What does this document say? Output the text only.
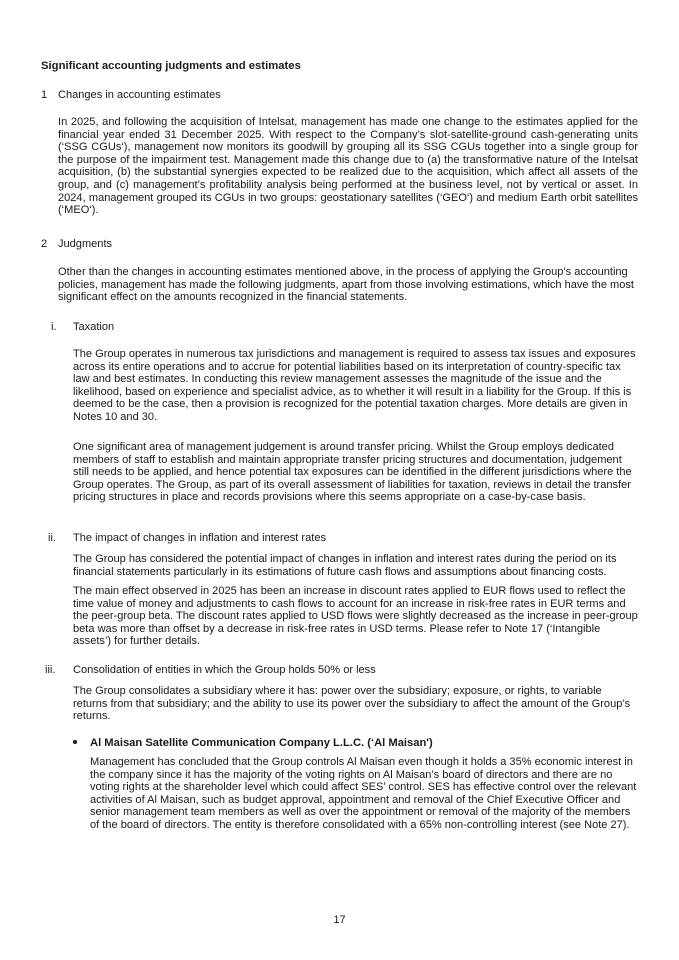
Significant accounting judgments and estimates

1 Changes in accounting estimates

In 2025, and following the acquisition of Intelsat, management has made one change to the estimates applied for the financial year ended 31 December 2025. With respect to the Company’s slot-satellite-ground cash-generating units (‘SSG CGUs‘), management now monitors its goodwill by grouping all its SSG CGUs together into a single group for the purpose of the impairment test. Management made this change due to (a) the transformative nature of the Intelsat acquisition, (b) the substantial synergies expected to be realized due to the acquisition, which affect all assets of the group, and (c) management’s profitability analysis being performed at the business level, not by vertical or asset. In 2024, management grouped its CGUs in two groups: geostationary satellites (‘GEO‘) and medium Earth orbit satellites (‘MEO‘).

2 Judgments

Other than the changes in accounting estimates mentioned above, in the process of applying the Group’s accounting policies, management has made the following judgments, apart from those involving estimations, which have the most significant effect on the amounts recognized in the financial statements.

i. Taxation

The Group operates in numerous tax jurisdictions and management is required to assess tax issues and exposures across its entire operations and to accrue for potential liabilities based on its interpretation of country-specific tax law and best estimates. In conducting this review management assesses the magnitude of the issue and the likelihood, based on experience and specialist advice, as to whether it will result in a liability for the Group. If this is deemed to be the case, then a provision is recognized for the potential taxation charges. More details are given in Notes 10 and 30.

One significant area of management judgement is around transfer pricing. Whilst the Group employs dedicated members of staff to establish and maintain appropriate transfer pricing structures and documentation, judgement still needs to be applied, and hence potential tax exposures can be identified in the different jurisdictions where the Group operates. The Group, as part of its overall assessment of liabilities for taxation, reviews in detail the transfer pricing structures in place and records provisions where this seems appropriate on a case-by-case basis.

ii. The impact of changes in inflation and interest rates

The Group has considered the potential impact of changes in inflation and interest rates during the period on its financial statements particularly in its estimations of future cash flows and assumptions about financing costs.

The main effect observed in 2025 has been an increase in discount rates applied to EUR flows used to reflect the time value of money and adjustments to cash flows to account for an increase in risk-free rates in EUR terms and the peer-group beta. The discount rates applied to USD flows were slightly decreased as the increase in peer-group beta was more than offset by a decrease in risk-free rates in USD terms. Please refer to Note 17 (‘Intangible assets’) for further details.

iii. Consolidation of entities in which the Group holds 50% or less

The Group consolidates a subsidiary where it has: power over the subsidiary; exposure, or rights, to variable returns from that subsidiary; and the ability to use its power over the subsidiary to affect the amount of the Group’s returns.

Al Maisan Satellite Communication Company L.L.C. (‘Al Maisan')

Management has concluded that the Group controls Al Maisan even though it holds a 35% economic interest in the company since it has the majority of the voting rights on Al Maisan’s board of directors and there are no voting rights at the shareholder level which could affect SES’ control. SES has effective control over the relevant activities of Al Maisan, such as budget approval, appointment and removal of the Chief Executive Officer and senior management team members as well as over the appointment or removal of the majority of the members of the board of directors. The entity is therefore consolidated with a 65% non-controlling interest (see Note 27).

17
